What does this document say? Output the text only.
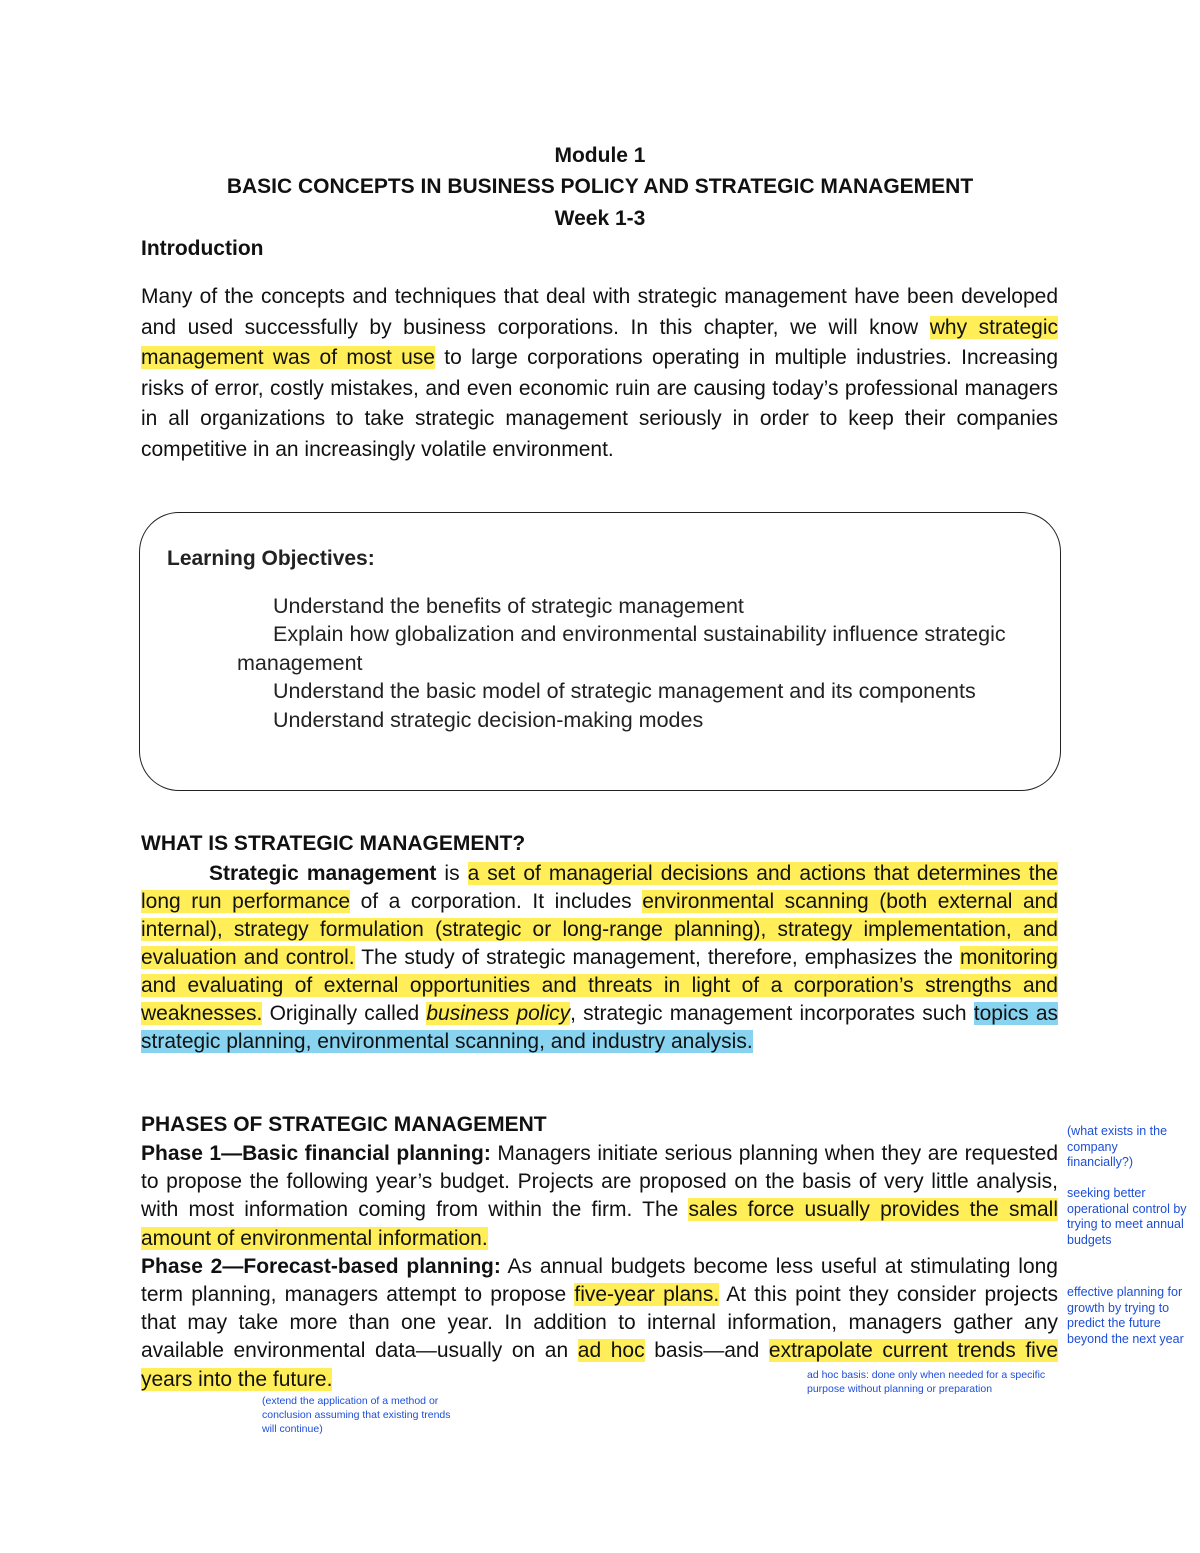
Module 1
BASIC CONCEPTS IN BUSINESS POLICY AND STRATEGIC MANAGEMENT
Week 1-3
Introduction
Many of the concepts and techniques that deal with strategic management have been developed and used successfully by business corporations. In this chapter, we will know why strategic management was of most use to large corporations operating in multiple industries. Increasing risks of error, costly mistakes, and even economic ruin are causing today’s professional managers in all organizations to take strategic management seriously in order to keep their companies competitive in an increasingly volatile environment.
Learning Objectives:
Understand the benefits of strategic management
Explain how globalization and environmental sustainability influence strategic management
Understand the basic model of strategic management and its components
Understand strategic decision-making modes
WHAT IS STRATEGIC MANAGEMENT?
Strategic management is a set of managerial decisions and actions that determines the long run performance of a corporation. It includes environmental scanning (both external and internal), strategy formulation (strategic or long-range planning), strategy implementation, and evaluation and control. The study of strategic management, therefore, emphasizes the monitoring and evaluating of external opportunities and threats in light of a corporation’s strengths and weaknesses. Originally called business policy, strategic management incorporates such topics as strategic planning, environmental scanning, and industry analysis.
PHASES OF STRATEGIC MANAGEMENT
Phase 1—Basic financial planning: Managers initiate serious planning when they are requested to propose the following year’s budget. Projects are proposed on the basis of very little analysis, with most information coming from within the firm. The sales force usually provides the small amount of environmental information.
Phase 2—Forecast-based planning: As annual budgets become less useful at stimulating long term planning, managers attempt to propose five-year plans. At this point they consider projects that may take more than one year. In addition to internal information, managers gather any available environmental data—usually on an ad hoc basis—and extrapolate current trends five years into the future.
(what exists in the company financially?)
seeking better operational control by trying to meet annual budgets
effective planning for growth by trying to predict the future beyond the next year
ad hoc basis: done only when needed for a specific purpose without planning or preparation
(extend the application of a method or conclusion assuming that existing trends will continue)
